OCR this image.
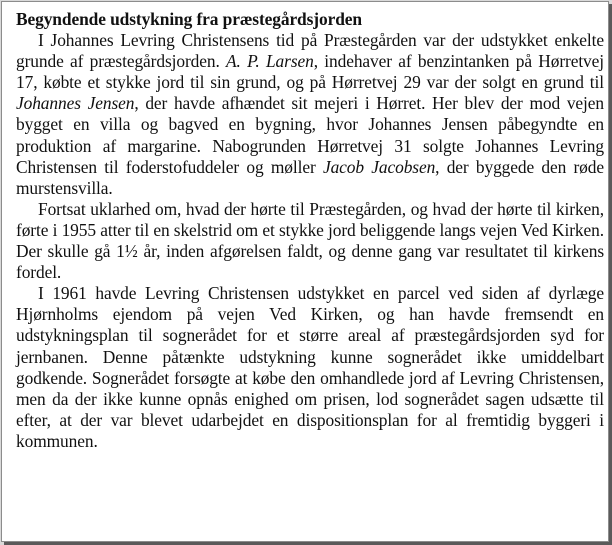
Begyndende udstykning fra præstegårdsjorden

I Johannes Levring Christensens tid på Præstegården var der udstykket enkelte grunde af præstegårdsjorden. A. P. Larsen, indehaver af benzintanken på Hørretvej 17, købte et stykke jord til sin grund, og på Hørretvej 29 var der solgt en grund til Johannes Jensen, der havde afhændet sit mejeri i Hørret. Her blev der mod vejen bygget en villa og bagved en bygning, hvor Johannes Jensen påbegyndte en produktion af margarine. Nabogrunden Hørretvej 31 solgte Johannes Levring Christensen til foderstofuddeler og møller Jacob Jacobsen, der byggede den røde murstensvilla.

Fortsat uklarhed om, hvad der hørte til Præstegården, og hvad der hørte til kirken, førte i 1955 atter til en skelstrid om et stykke jord beliggende langs vejen Ved Kirken. Der skulle gå 1½ år, inden afgørelsen faldt, og denne gang var resultatet til kirkens fordel.

I 1961 havde Levring Christensen udstykket en parcel ved siden af dyrlæge Hjørnholms ejendom på vejen Ved Kirken, og han havde fremsendt en udstykningsplan til sognerådet for et større areal af præstegårdsjorden syd for jernbanen. Denne påtænkte udstykning kunne sognerådet ikke umiddelbart godkende. Sognerådet forsøgte at købe den omhandlede jord af Levring Christensen, men da der ikke kunne opnås enighed om prisen, lod sognerådet sagen udsætte til efter, at der var blevet udarbejdet en dispositionsplan for al fremtidig byggeri i kommunen.
